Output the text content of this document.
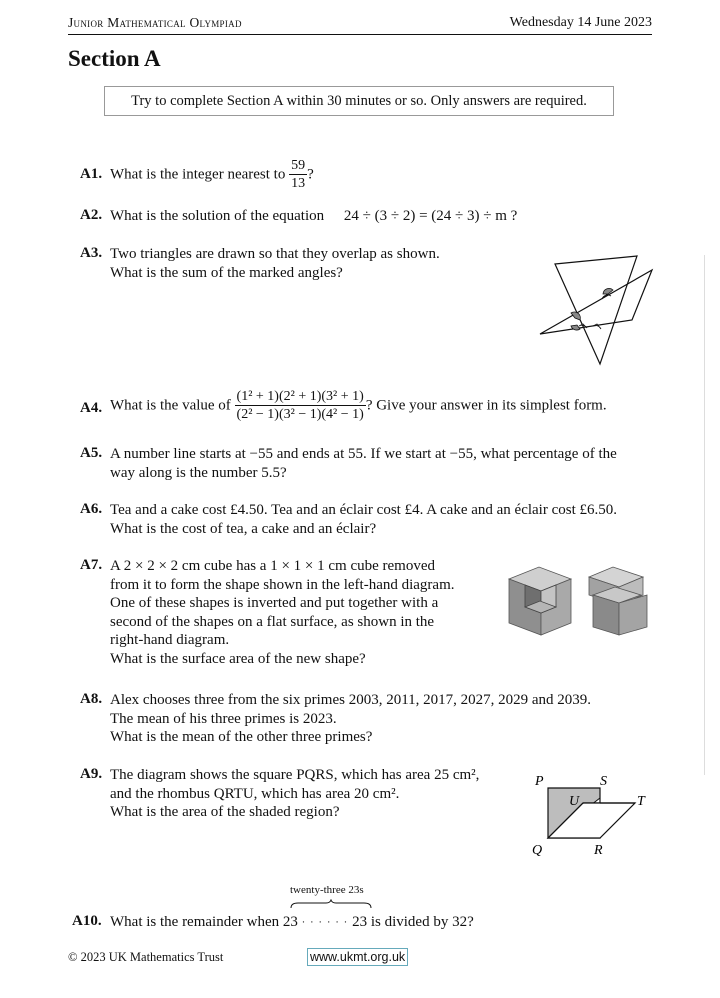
Junior Mathematical Olympiad	Wednesday 14 June 2023
Section A
Try to complete Section A within 30 minutes or so. Only answers are required.
A1. What is the integer nearest to $\frac{59}{13}$ ?
A2. What is the solution of the equation 24 ÷ (3 ÷ 2) = (24 ÷ 3) ÷ m ?
A3. Two triangles are drawn so that they overlap as shown.
What is the sum of the marked angles?
A4. What is the value of $\frac{\text{(1² + 1)(2² + 1)(3² + 1)}}{\text{(2² − 1)(3² − 1)(4² − 1)}}$ ? Give your answer in its simplest form.
A5. A number line starts at −55 and ends at 55. If we start at −55, what percentage of the
way along is the number 5.5?
A6. Tea and a cake cost £4.50. Tea and an éclair cost £4. A cake and an éclair cost £6.50.
What is the cost of tea, a cake and an éclair?
A7. A 2 × 2 × 2 cm cube has a 1 × 1 × 1 cm cube removed
from it to form the shape shown in the left-hand diagram.
One of these shapes is inverted and put together with a
second of the shapes on a flat surface, as shown in the
right-hand diagram.
What is the surface area of the new shape?
A8. Alex chooses three from the six primes 2003, 2011, 2017, 2027, 2029 and 2039.
The mean of his three primes is 2023.
What is the mean of the other three primes?
A9. The diagram shows the square PQRS, which has area 25 cm²,
and the rhombus QRTU, which has area 20 cm².
What is the area of the shaded region?
P	S
U	T
Q	R
twenty-three 23s
A10. What is the remainder when 23 · · · · · · 23 is divided by 32?
© 2023 UK Mathematics Trust	www.ukmt.org.uk
